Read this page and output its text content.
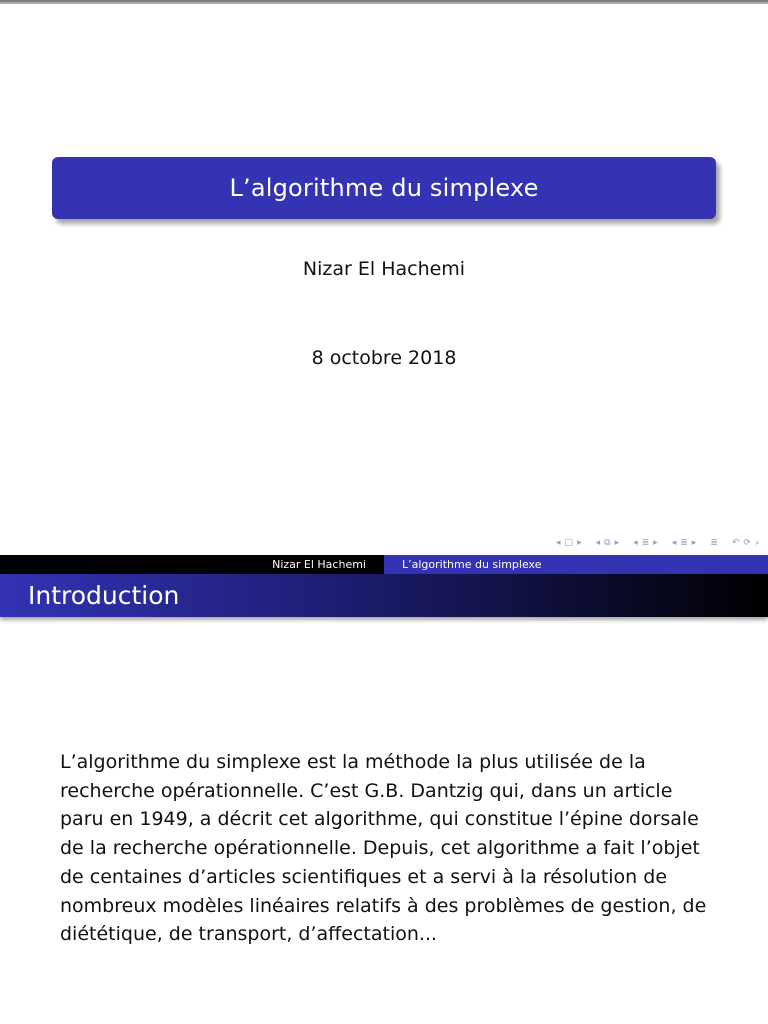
L’algorithme du simplexe
Nizar El Hachemi
8 octobre 2018
◂ □ ▸ ◂ ⧉ ▸ ◂ ≣ ▸ ◂ ≣ ▸ ≣ ↶ ⟳ ⌕
Nizar El Hachemi	L’algorithme du simplexe
Introduction
L’algorithme du simplexe est la méthode la plus utilisée de la
recherche opérationnelle. C’est G.B. Dantzig qui, dans un article
paru en 1949, a décrit cet algorithme, qui constitue l’épine dorsale
de la recherche opérationnelle. Depuis, cet algorithme a fait l’objet
de centaines d’articles scientifiques et a servi à la résolution de
nombreux modèles linéaires relatifs à des problèmes de gestion, de
diététique, de transport, d’affectation...
